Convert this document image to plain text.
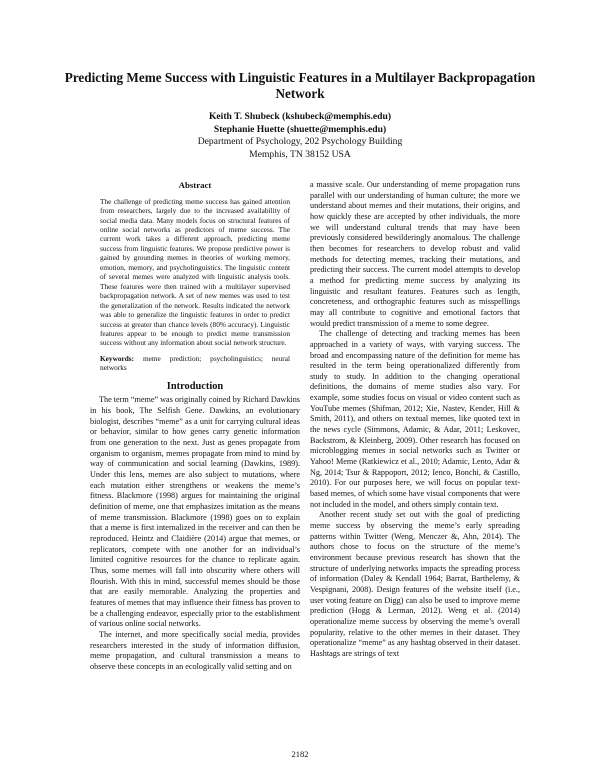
Predicting Meme Success with Linguistic Features in a Multilayer Backpropagation Network
Keith T. Shubeck (kshubeck@memphis.edu)
Stephanie Huette (shuette@memphis.edu)
Department of Psychology, 202 Psychology Building
Memphis, TN 38152 USA
Abstract

The challenge of predicting meme success has gained attention from researchers, largely due to the increased availability of social media data. Many models focus on structural features of online social networks as predictors of meme success. The current work takes a different approach, predicting meme success from linguistic features. We propose predictive power is gained by grounding memes in theories of working memory, emotion, memory, and psycholinguistics. The linguistic content of several memes were analyzed with linguistic analysis tools. These features were then trained with a multilayer supervised backpropagation network. A set of new memes was used to test the generalization of the network. Results indicated the network was able to generalize the linguistic features in order to predict success at greater than chance levels (80% accuracy). Linguistic features appear to be enough to predict meme transmission success without any information about social network structure.

Keywords: meme prediction; psycholinguistics; neural networks

Introduction

The term “meme” was originally coined by Richard Dawkins in his book, The Selfish Gene. Dawkins, an evolutionary biologist, describes “meme” as a unit for carrying cultural ideas or behavior, similar to how genes carry genetic information from one generation to the next. Just as genes propagate from organism to organism, memes propagate from mind to mind by way of communication and social learning (Dawkins, 1989). Under this lens, memes are also subject to mutations, where each mutation either strengthens or weakens the meme’s fitness. Blackmore (1998) argues for maintaining the original definition of meme, one that emphasizes imitation as the means of meme transmission. Blackmore (1998) goes on to explain that a meme is first internalized in the receiver and can then be reproduced. Heintz and Claidière (2014) argue that memes, or replicators, compete with one another for an individual’s limited cognitive resources for the chance to replicate again. Thus, some memes will fall into obscurity where others will flourish. With this in mind, successful memes should be those that are easily memorable. Analyzing the properties and features of memes that may influence their fitness has proven to be a challenging endeavor, especially prior to the establishment of various online social networks.

The internet, and more specifically social media, provides researchers interested in the study of information diffusion, meme propagation, and cultural transmission a means to observe these concepts in an ecologically valid setting and on

a massive scale. Our understanding of meme propagation runs parallel with our understanding of human culture; the more we understand about memes and their mutations, their origins, and how quickly these are accepted by other individuals, the more we will understand cultural trends that may have been previously considered bewilderingly anomalous. The challenge then becomes for researchers to develop robust and valid methods for detecting memes, tracking their mutations, and predicting their success. The current model attempts to develop a method for predicting meme success by analyzing its linguistic and resultant features. Features such as length, concreteness, and orthographic features such as misspellings may all contribute to cognitive and emotional factors that would predict transmission of a meme to some degree.

The challenge of detecting and tracking memes has been approached in a variety of ways, with varying success. The broad and encompassing nature of the definition for meme has resulted in the term being operationalized differently from study to study. In addition to the changing operational definitions, the domains of meme studies also vary. For example, some studies focus on visual or video content such as YouTube memes (Shifman, 2012; Xie, Nastev, Kender, Hill & Smith, 2011), and others on textual memes, like quoted text in the news cycle (Simmons, Adamic, & Adar, 2011; Leskovec, Backstrom, & Kleinberg, 2009). Other research has focused on microblogging memes in social networks such as Twitter or Yahoo! Meme (Ratkiewicz et al., 2010; Adamic, Lento, Adar & Ng, 2014; Tsur & Rappoport, 2012; Ienco, Bonchi, & Castillo, 2010). For our purposes here, we will focus on popular text-based memes, of which some have visual components that were not included in the model, and others simply contain text.

Another recent study set out with the goal of predicting meme success by observing the meme’s early spreading patterns within Twitter (Weng, Menczer &, Ahn, 2014). The authors chose to focus on the structure of the meme’s environment because previous research has shown that the structure of underlying networks impacts the spreading process of information (Daley & Kendall 1964; Barrat, Barthelemy, & Vespignani, 2008). Design features of the website itself (i.e., user voting feature on Digg) can also be used to improve meme prediction (Hogg & Lerman, 2012). Weng et al. (2014) operationalize meme success by observing the meme’s overall popularity, relative to the other memes in their dataset. They operationalize “meme” as any hashtag observed in their dataset. Hashtags are strings of text

2182
